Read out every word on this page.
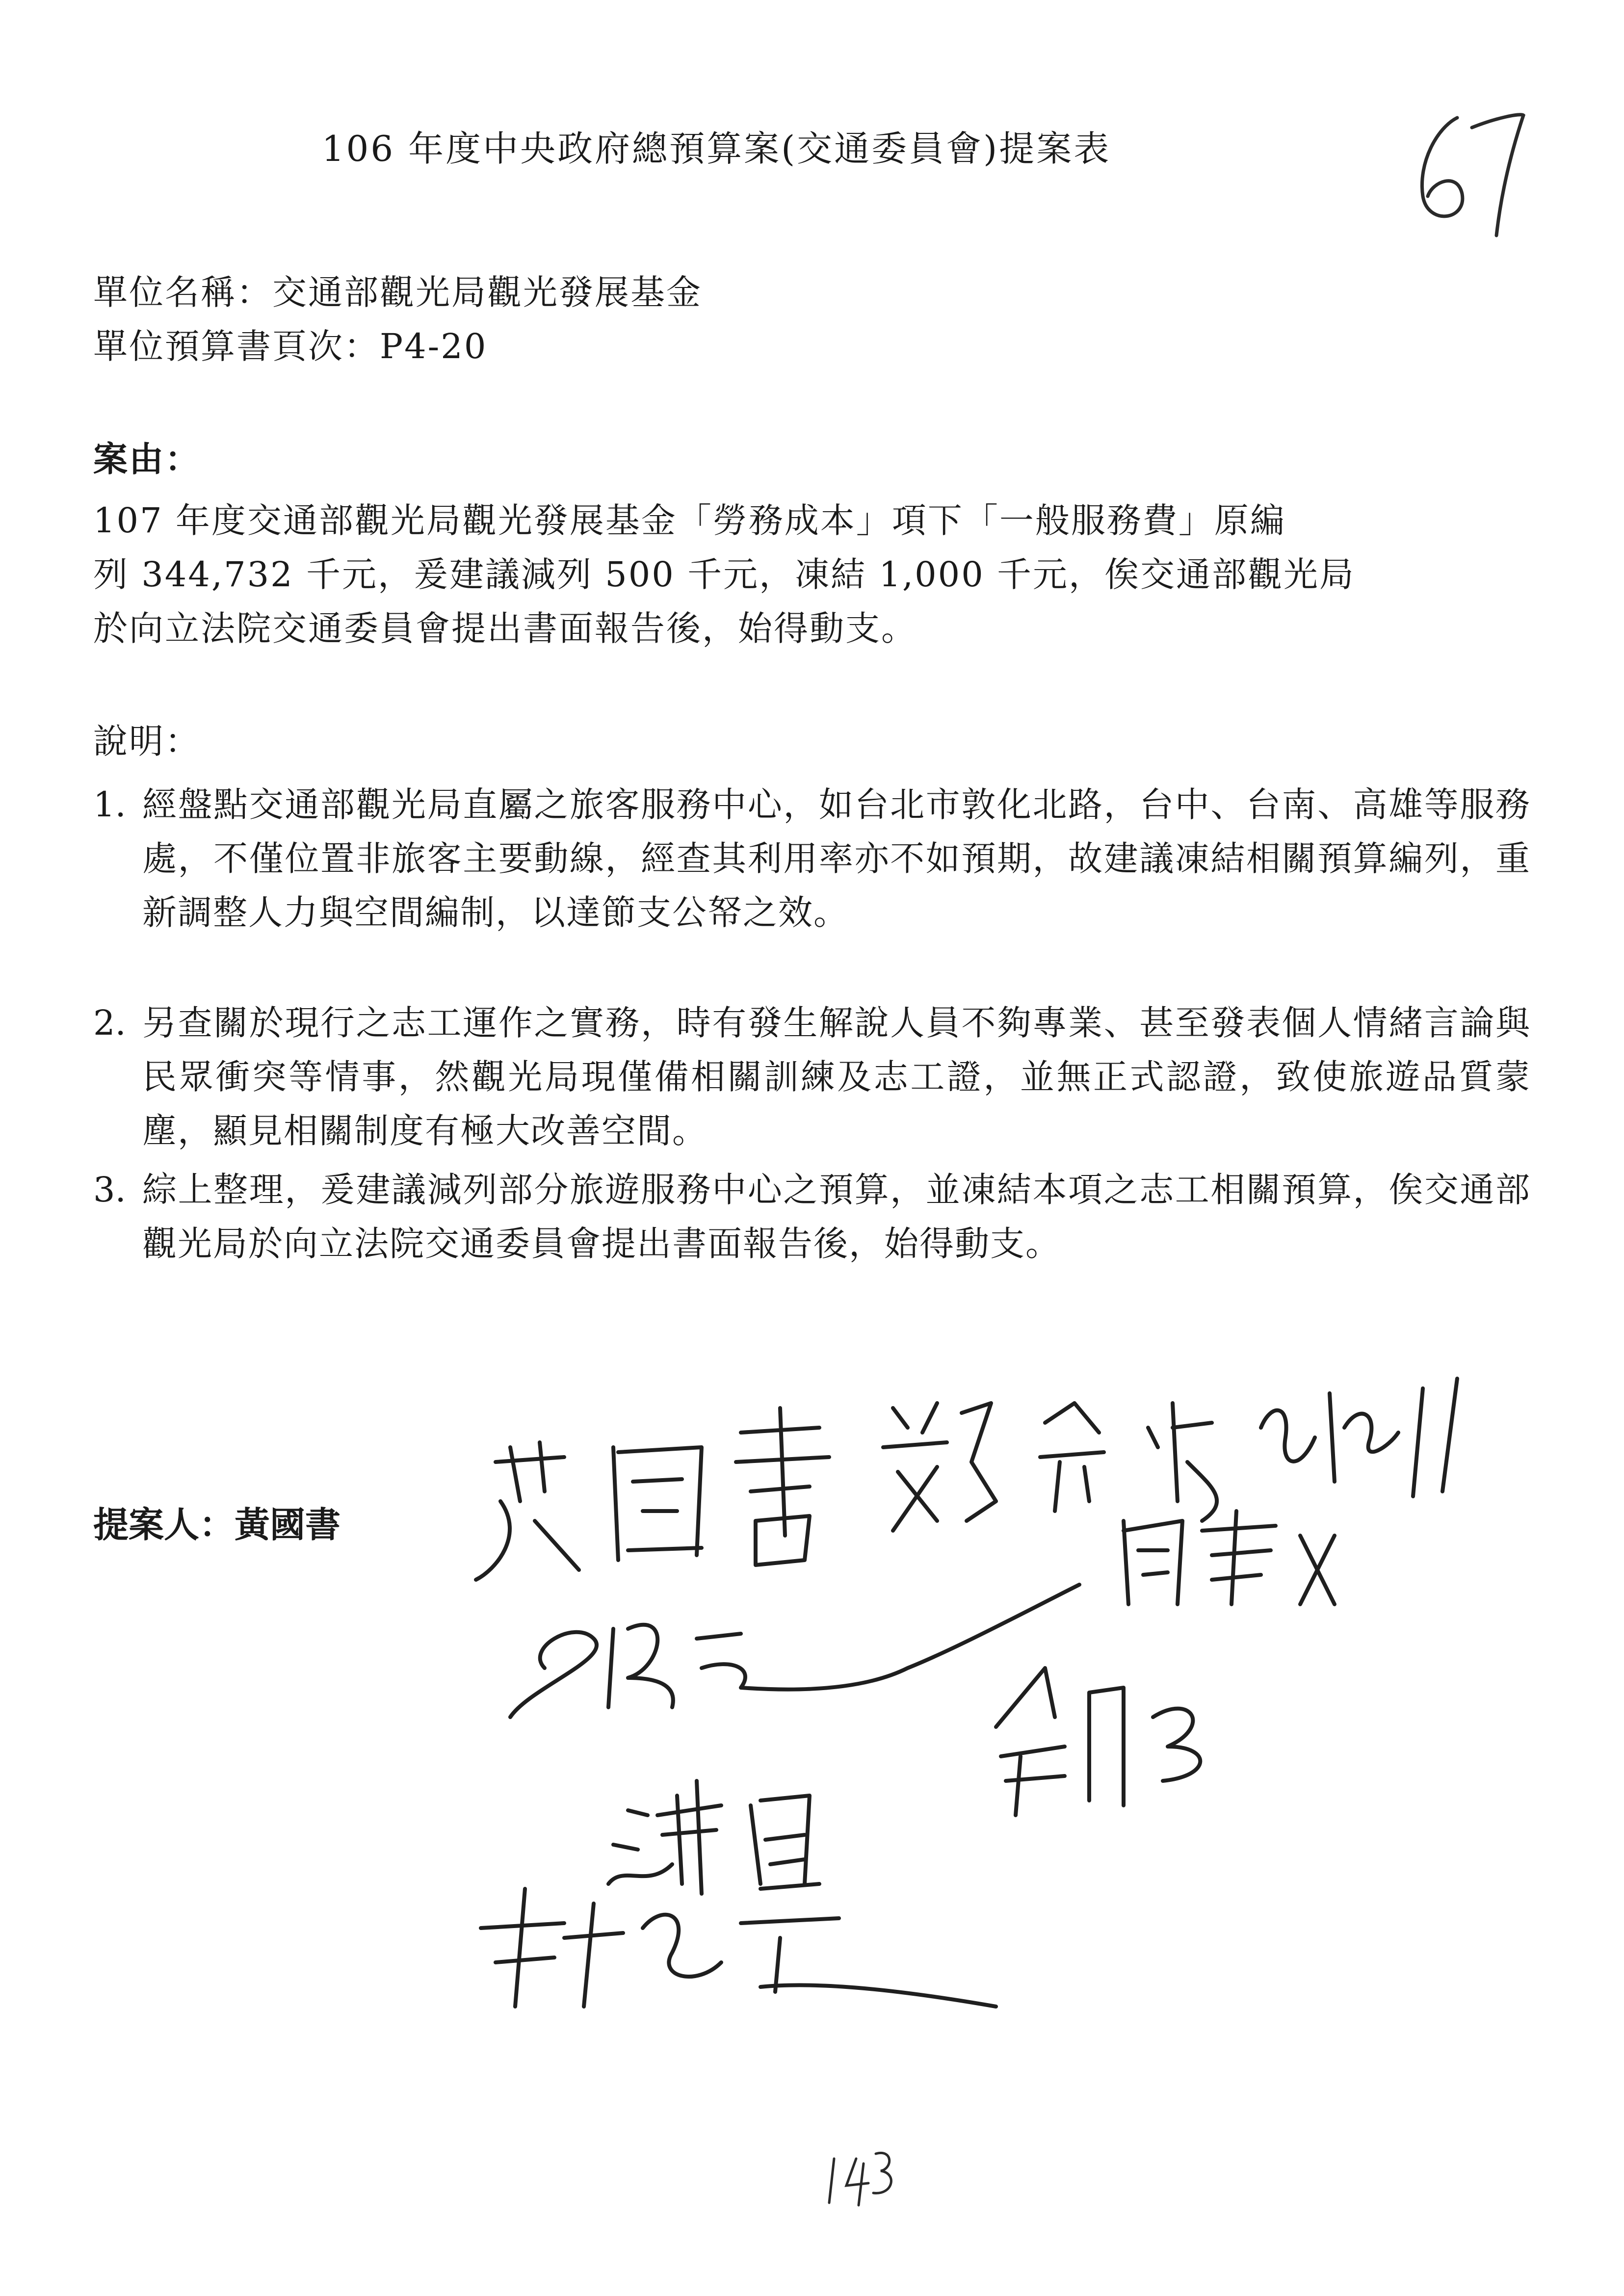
106 年度中央政府總預算案(交通委員會)提案表
單位名稱：交通部觀光局觀光發展基金
單位預算書頁次：P4-20
案由：
107 年度交通部觀光局觀光發展基金「勞務成本」項下「一般服務費」原編
列 344,732 千元，爰建議減列 500 千元，凍結 1,000 千元，俟交通部觀光局
於向立法院交通委員會提出書面報告後，始得動支。
說明：
1. 經盤點交通部觀光局直屬之旅客服務中心，如台北市敦化北路，台中、台南、高雄等服務處，不僅位置非旅客主要動線，經查其利用率亦不如預期，故建議凍結相關預算編列，重新調整人力與空間編制，以達節支公帑之效。
2. 另查關於現行之志工運作之實務，時有發生解說人員不夠專業、甚至發表個人情緒言論與民眾衝突等情事，然觀光局現僅備相關訓練及志工證，並無正式認證，致使旅遊品質蒙塵，顯見相關制度有極大改善空間。
3. 綜上整理，爰建議減列部分旅遊服務中心之預算，並凍結本項之志工相關預算，俟交通部觀光局於向立法院交通委員會提出書面報告後，始得動支。
提案人：黃國書
